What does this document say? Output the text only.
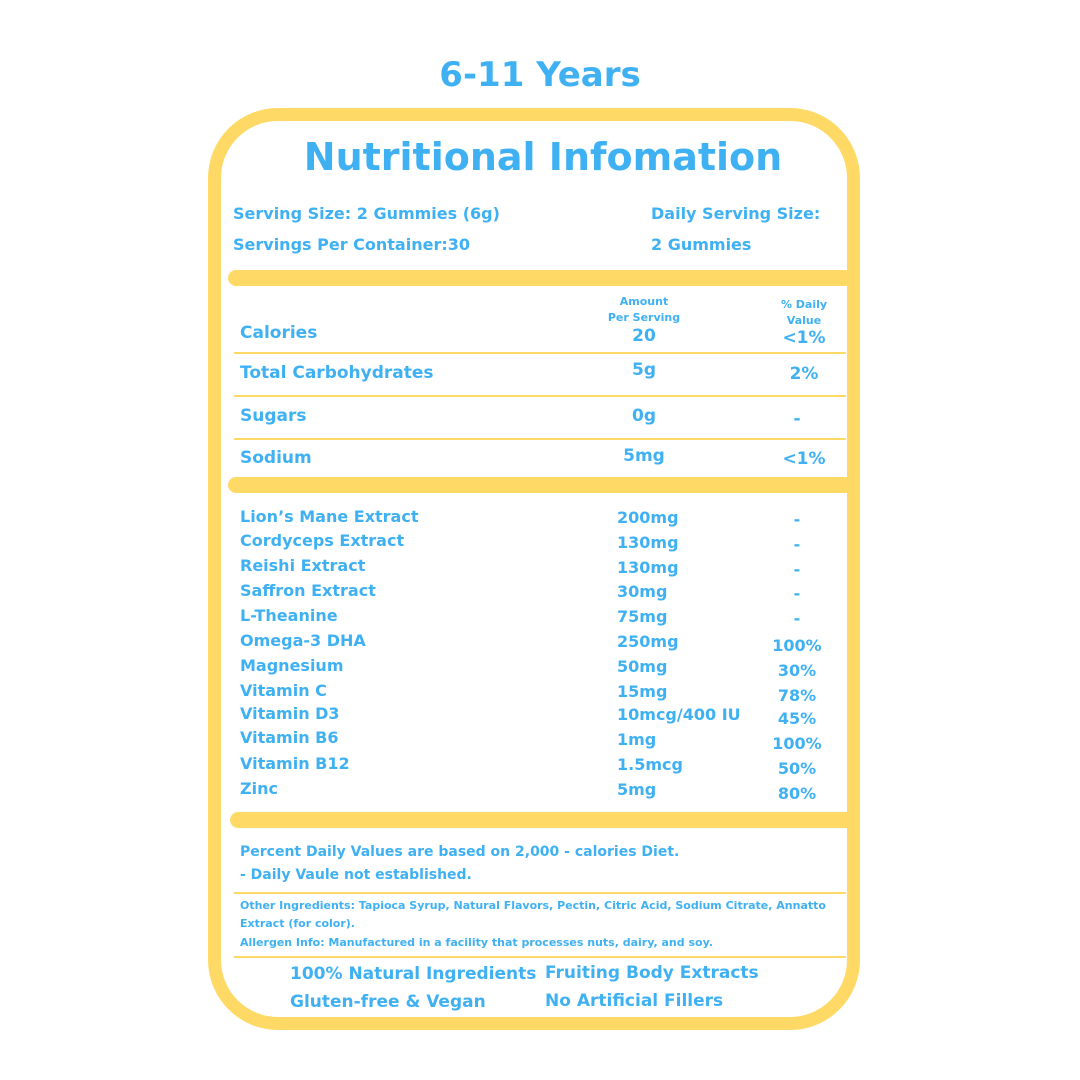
6-11 Years
Nutritional Infomation
Serving Size: 2 Gummies (6g)
Servings Per Container:30
Daily Serving Size:
2 Gummies
Amount
Per Serving
% Daily
Value
Calories	20	<1%
Total Carbohydrates	5g	2%
Sugars	0g	-
Sodium	5mg	<1%
Lion’s Mane Extract	200mg	-
Cordyceps Extract	130mg	-
Reishi Extract	130mg	-
Saffron Extract	30mg	-
L-Theanine	75mg	-
Omega-3 DHA	250mg	100%
Magnesium	50mg	30%
Vitamin C	15mg	78%
Vitamin D3	10mcg/400 IU	45%
Vitamin B6	1mg	100%
Vitamin B12	1.5mcg	50%
Zinc	5mg	80%
Percent Daily Values are based on 2,000 - calories Diet.
- Daily Vaule not established.
Other Ingredients: Tapioca Syrup, Natural Flavors, Pectin, Citric Acid, Sodium Citrate, Annatto Extract (for color).
Allergen Info: Manufactured in a facility that processes nuts, dairy, and soy.
100% Natural Ingredients Fruiting Body Extracts
Gluten-free & Vegan	No Artificial Fillers
